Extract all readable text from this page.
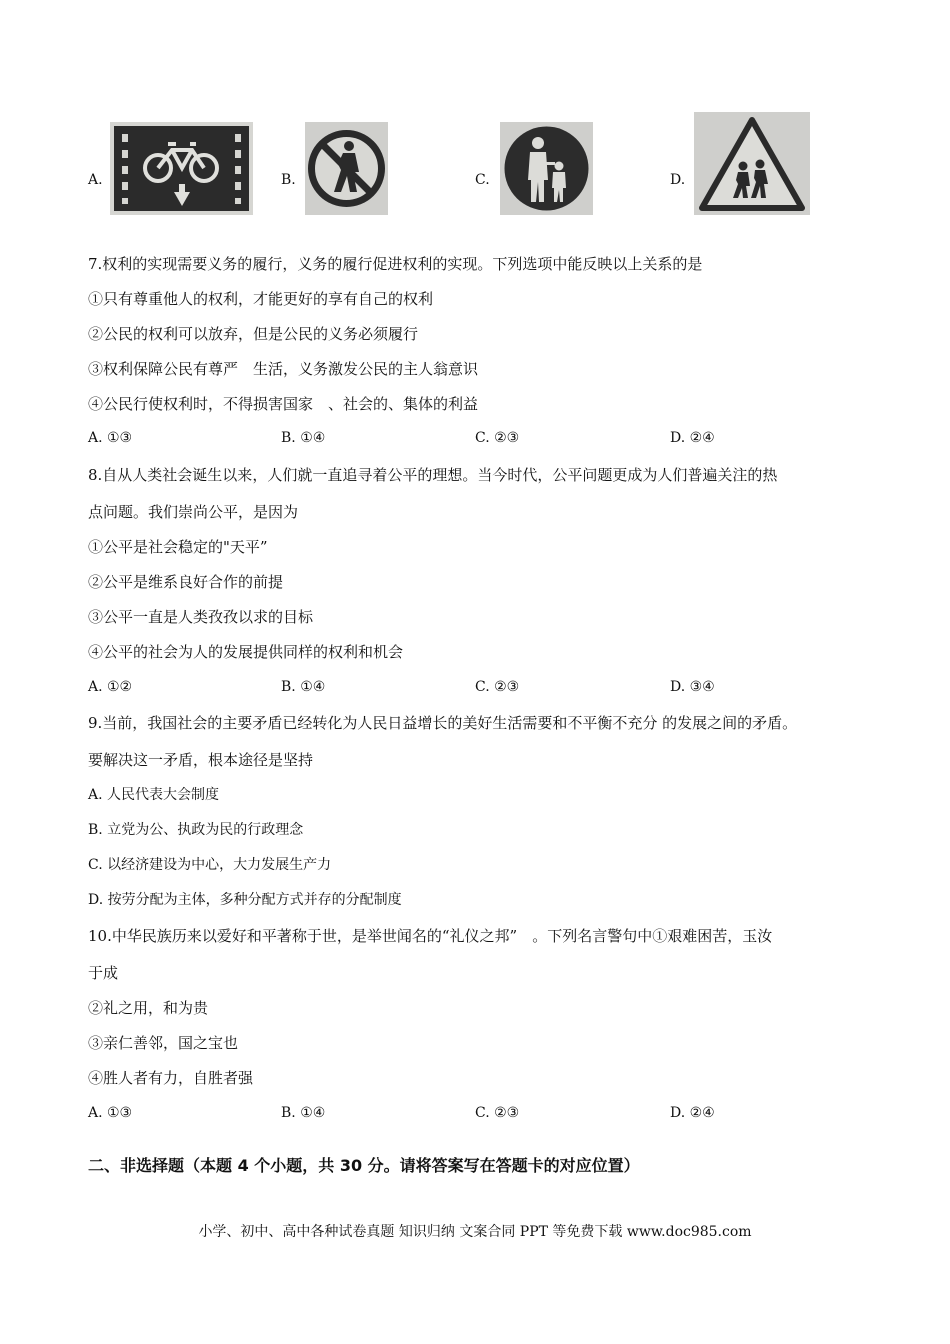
A.	B.	C.	D.
7.权利的实现需要义务的履行，义务的履行促进权利的实现。下列选项中能反映以上关系的是
①只有尊重他人的权利，才能更好的享有自己的权利
②公民的权利可以放弃，但是公民的义务必须履行
③权利保障公民有尊严　生活，义务激发公民的主人翁意识
④公民行使权利时，不得损害国家　、社会的、集体的利益
A. ①③	B. ①④	C. ②③	D. ②④
8.自从人类社会诞生以来，人们就一直追寻着公平的理想。当今时代，公平问题更成为人们普遍关注的热
点问题。我们崇尚公平，是因为
①公平是社会稳定的"天平”
②公平是维系良好合作的前提
③公平一直是人类孜孜以求的目标
④公平的社会为人的发展提供同样的权利和机会
A. ①②	B. ①④	C. ②③	D. ③④
9.当前，我国社会的主要矛盾已经转化为人民日益增长的美好生活需要和不平衡不充分 的发展之间的矛盾。
要解决这一矛盾，根本途径是坚持
A. 人民代表大会制度
B. 立党为公、执政为民的行政理念
C. 以经济建设为中心，大力发展生产力
D. 按劳分配为主体，多种分配方式并存的分配制度
10.中华民族历来以爱好和平著称于世，是举世闻名的“礼仪之邦”　。下列名言警句中①艰难困苦，玉汝
于成
②礼之用，和为贵
③亲仁善邻，国之宝也
④胜人者有力，自胜者强
A. ①③	B. ①④	C. ②③	D. ②④
二、非选择题（本题 4 个小题，共 30 分。请将答案写在答题卡的对应位置）
小学、初中、高中各种试卷真题 知识归纳 文案合同 PPT 等免费下载 www.doc985.com
